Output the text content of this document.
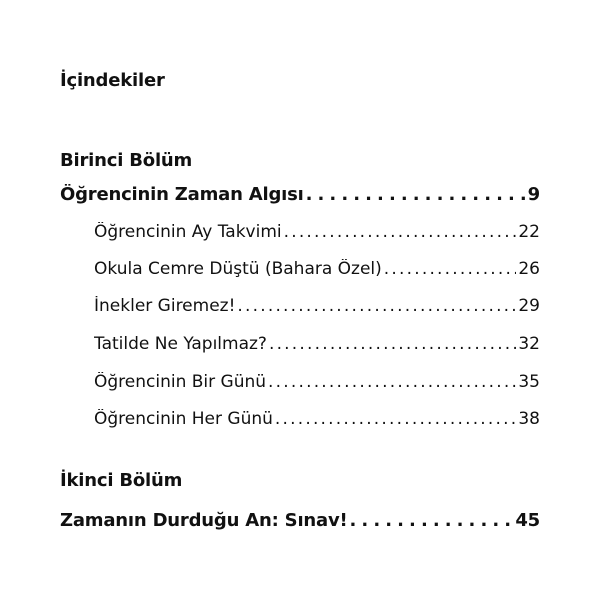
İçindekiler
Birinci Bölüm
Öğrencinin Zaman Algısı . . .	9
Öğrencinin Ay Takvimi . . .	22
Okula Cemre Düştü (Bahara Özel) . . .	26
İnekler Giremez! . . .	29
Tatilde Ne Yapılmaz? . . .	32
Öğrencinin Bir Günü . . .	35
Öğrencinin Her Günü . . .	38
İkinci Bölüm
Zamanın Durduğu An: Sınav! . . .	45
